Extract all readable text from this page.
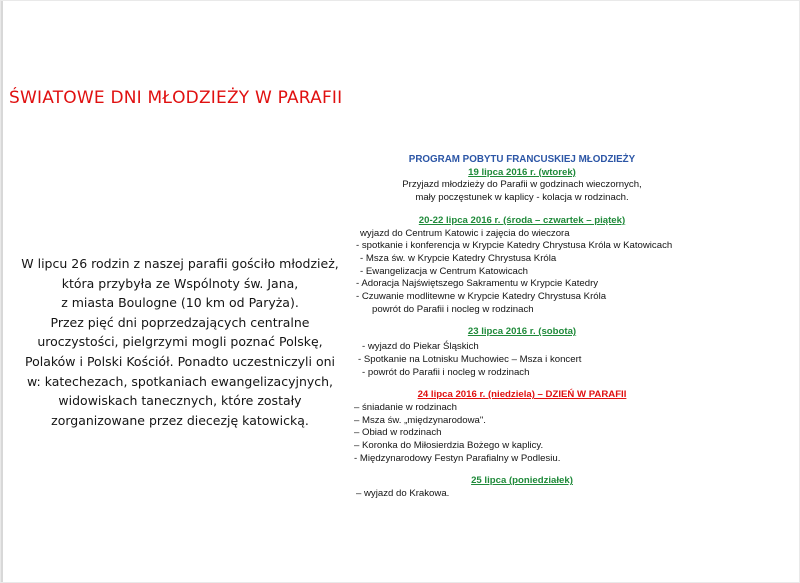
ŚWIATOWE DNI MŁODZIEŻY W PARAFII

W lipcu 26 rodzin z naszej parafii gościło młodzież,

która przybyła ze Wspólnoty św. Jana,

z miasta Boulogne (10 km od Paryża).

Przez pięć dni poprzedzających centralne

uroczystości, pielgrzymi mogli poznać Polskę,

Polaków i Polski Kościół. Ponadto uczestniczyli oni

w: katechezach, spotkaniach ewangelizacyjnych,

widowiskach tanecznych, które zostały

zorganizowane przez diecezję katowicką.

PROGRAM POBYTU FRANCUSKIEJ MŁODZIEŻY
19 lipca 2016 r. (wtorek)
Przyjazd młodzieży do Parafii w godzinach wieczornych,
mały poczęstunek w kaplicy - kolacja w rodzinach.
20-22 lipca 2016 r. (środa – czwartek – piątek)
wyjazd do Centrum Katowic i zajęcia do wieczora
- spotkanie i konferencja w Krypcie Katedry Chrystusa Króla w Katowicach
- Msza św. w Krypcie Katedry Chrystusa Króla
- Ewangelizacja w Centrum Katowicach
- Adoracja Najświętszego Sakramentu w Krypcie Katedry
- Czuwanie modlitewne w Krypcie Katedry Chrystusa Króla
powrót do Parafii i nocleg w rodzinach
23 lipca 2016 r. (sobota)
- wyjazd do Piekar Śląskich
- Spotkanie na Lotnisku Muchowiec – Msza i koncert
- powrót do Parafii i nocleg w rodzinach
24 lipca 2016 r. (niedziela) – DZIEŃ W PARAFII
– śniadanie w rodzinach
– Msza św. „międzynarodowa".
– Obiad w rodzinach
– Koronka do Miłosierdzia Bożego w kaplicy.
- Międzynarodowy Festyn Parafialny w Podlesiu.
25 lipca (poniedziałek)
– wyjazd do Krakowa.
